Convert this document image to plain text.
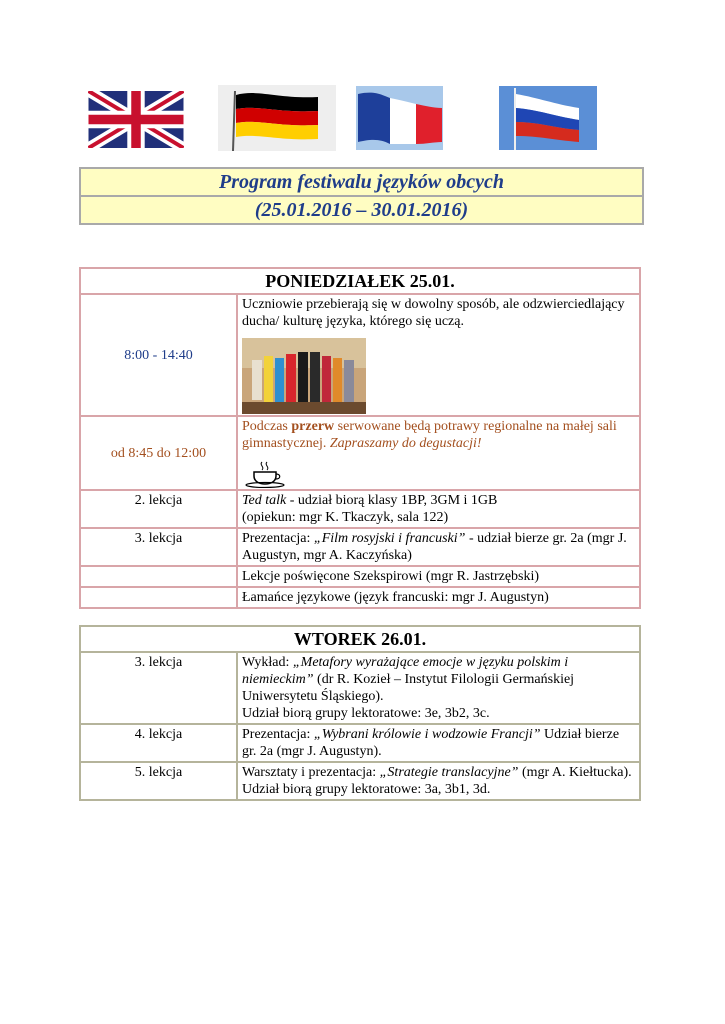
Program festiwalu języków obcych
(25.01.2016 – 30.01.2016)
PONIEDZIAŁEK 25.01.	
8:00 - 14:40	Uczniowie przebierają się w dowolny sposób, ale odzwierciedlający ducha/ kulturę języka, którego się uczą.

od 8:45 do 12:00	Podczas przerw serwowane będą potrawy regionalne na małej sali gimnastycznej. Zapraszamy do degustacji!

2. lekcja	Ted talk - udział biorą klasy 1BP, 3GM i 1GB
(opiekun: mgr K. Tkaczyk, sala 122)
3. lekcja	Prezentacja: „Film rosyjski i francuski” - udział bierze gr. 2a (mgr J. Augustyn, mgr A. Kaczyńska)
	Lekcje poświęcone Szekspirowi (mgr R. Jastrzębski)
	Łamańce językowe (język francuski: mgr J. Augustyn)
WTOREK 26.01.	
3. lekcja	Wykład: „Metafory wyrażające emocje w języku polskim i niemieckim” (dr R. Kozieł – Instytut Filologii Germańskiej Uniwersytetu Śląskiego).
Udział biorą grupy lektoratowe: 3e, 3b2, 3c.
4. lekcja	Prezentacja: „Wybrani królowie i wodzowie Francji” Udział bierze gr. 2a (mgr J. Augustyn).
5. lekcja	Warsztaty i prezentacja: „Strategie translacyjne” (mgr A. Kiełtucka).
Udział biorą grupy lektoratowe: 3a, 3b1, 3d.
